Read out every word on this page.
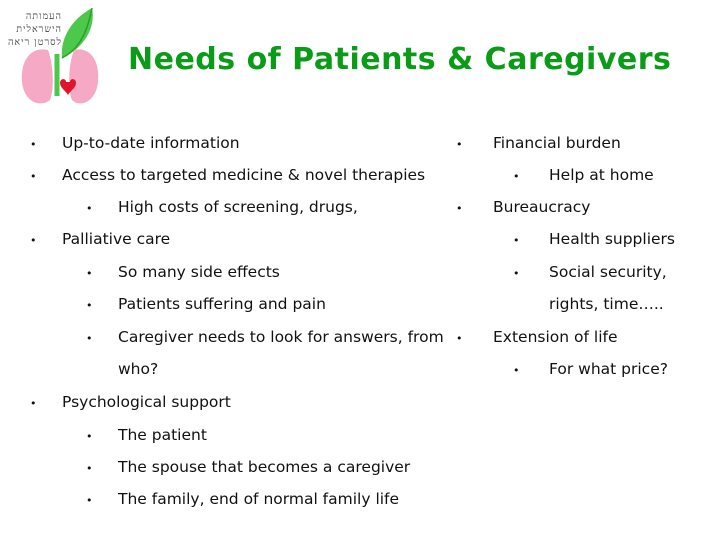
העמותה
הישראלית
לסרטן ריאה Needs of Patients & Caregivers
• Up-to-date information
• Access to targeted medicine & novel therapies
• High costs of screening, drugs,
• Palliative care
• So many side effects
• Patients suffering and pain
• Caregiver needs to look for answers, from
who?
• Psychological support
• The patient
• The spouse that becomes a caregiver
• The family, end of normal family life
• Financial burden
• Help at home
• Bureaucracy
• Health suppliers
• Social security,
rights, time…..
• Extension of life
• For what price?
